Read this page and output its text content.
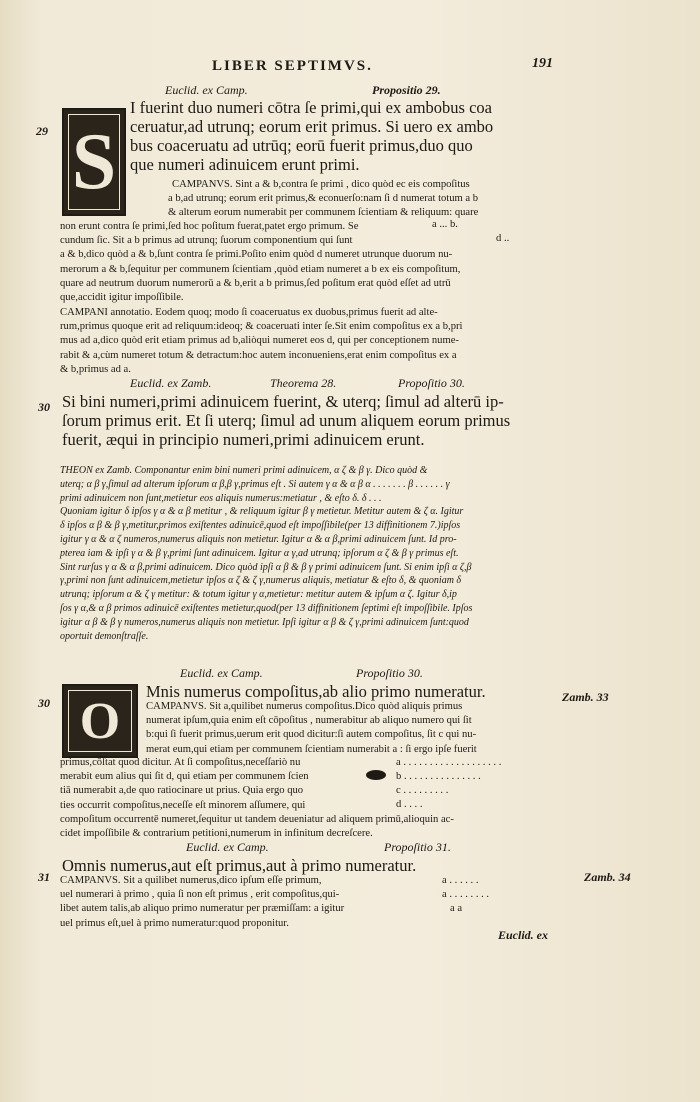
LIBER SEPTIMVS.	191
Euclid. ex Camp.	Propositio 29.
29 S

I fuerint duo numeri cōtra ſe primi,qui ex ambobus coa

ceruatur,ad utrunq; eorum erit primus. Si uero ex ambo

bus coaceruatu ad utrūq; eorū fuerit primus,duo quo

que numeri adinuicem erunt primi.

CAMPANVS. Sint a & b,contra ſe primi , dico quòd ec eis compoſitus

a b,ad utrunq; eorum erit primus,& econuerſo:nam ſi d numerat totum a b

& alterum eorum numerabit per communem ſcientiam & reliquum: quare

non erunt contra ſe primi,ſed hoc poſitum fuerat,patet ergo primum. Se

cundum ſic. Sit a b primus ad utrunq; ſuorum componentium qui ſunt

a & b,dico quòd a & b,ſunt contra ſe primi.Poſito enim quòd d numeret utrunque duorum nu-

merorum a & b,ſequitur per communem ſcientiam ,quòd etiam numeret a b ex eis compoſitum,

quare ad neutrum duorum numerorū a & b,erit a b primus,ſed poſitum erat quòd eſſet ad utrū

que,accidit igitur impoſſibile.

a ... b.
d ..

CAMPANI annotatio. Eodem quoq; modo ſi coaceruatus ex duobus,primus fuerit ad alte-

rum,primus quoque erit ad reliquum:ideoq; & coaceruati inter ſe.Sit enim compoſitus ex a b,pri

mus ad a,dico quòd erit etiam primus ad b,aliòqui numeret eos d, qui per conceptionem nume-

rabit & a,cùm numeret totum & detractum:hoc autem inconueniens,erat enim compoſitus ex a

& b,primus ad a.

Euclid. ex Zamb.	Theorema 28.	Propoſitio 30.
30 Si bini numeri,primi adinuicem fuerint, & uterq; ſimul ad alterū ip-

ſorum primus erit. Et ſi uterq; ſimul ad unum aliquem eorum primus

fuerit, æqui in principio numeri,primi adinuicem erunt.

THEON ex Zamb. Componantur enim bini numeri primi adinuicem, α ζ & β γ. Dico quòd &

uterq; α β γ,ſimul ad alterum ipſorum α β,β γ,primus eſt . Si autem γ α & α β α . . . . . . . β . . . . . . γ

primi adinuicem non ſunt,metietur eos aliquis numerus:metiatur , & eſto δ. δ . . .

Quoniam igitur δ ipſos γ α & α β metitur , & reliquum igitur β γ metietur. Metitur autem & ζ α. Igitur

δ ipſos α β & β γ,metitur,primos exiſtentes adinuicē,quod eſt impoſſibile(per 13 diffinitionem 7.)ipſos

igitur γ α & α ζ numeros,numerus aliquis non metietur. Igitur α & α β,primi adinuicem ſunt. Id pro-

pterea iam & ipſi γ α & β γ,primi ſunt adinuicem. Igitur α γ,ad utrunq; ipſorum α ζ & β γ primus eſt.

Sint rurſus γ α & α β,primi adinuicem. Dico quòd ipſi α β & β γ primi adinuicem ſunt. Si enim ipſi α ζ,β

γ,primi non ſunt adinuicem,metietur ipſos α ζ & ζ γ,numerus aliquis, metiatur & eſto δ, & quoniam δ

utrunq; ipſorum α & ζ γ metitur: & totum igitur γ α,metietur: metitur autem & ipſum α ζ. Igitur δ,ip

ſos γ α,& α β primos adinuicē exiſtentes metietur,quod(per 13 diffinitionem ſeptimi eſt impoſſibile. Ipſos

igitur α β & β γ numeros,numerus aliquis non metietur. Ipſi igitur α β & ζ γ,primi adinuicem ſunt:quod

oportuit demonſtraſſe.

Euclid. ex Camp.	Propoſitio 30.
30	Zamb. 33
O
Mnis numerus compoſitus,ab alio primo numeratur.

CAMPANVS. Sit a,quilibet numerus compoſitus.Dico quòd aliquis primus

numerat ipſum,quia enim eſt cōpoſitus , numerabitur ab aliquo numero qui ſit

b:qui ſi fuerit primus,uerum erit quod dicitur:ſi autem compoſitus, ſit c qui nu-

merat eum,qui etiam per communem ſcientiam numerabit a : ſi ergo ipſe fuerit

primus,cōſtat quod dicitur. At ſi compoſitus,neceſſariò nu

merabit eum alius qui ſit d, qui etiam per communem ſcien

tiā numerabit a,de quo ratiocinare ut prius. Quia ergo quo

ties occurrit compoſitus,neceſſe eſt minorem aſſumere, qui

compoſitum occurrentē numeret,ſequitur ut tandem deueniatur ad aliquem primū,alioquin ac-

cidet impoſſibile & contrarium petitioni,numerum in infinitum decreſcere.

a . . . . . . . . . . . . . . . . . . .
b . . . . . . . . . . . . . . .
c . . . . . . . . .
d . . . .
Euclid. ex Camp.	Propoſitio 31.
31	Zamb. 34
Omnis numerus,aut eſt primus,aut à primo numeratur.

CAMPANVS. Sit a quilibet numerus,dico ipſum eſſe primum,

uel numerari à primo , quia ſi non eſt primus , erit compoſitus,qui-

libet autem talis,ab aliquo primo numeratur per præmiſſam: a igitur

uel primus eſt,uel à primo numeratur:quod proponitur.

a . . . . . .
a . . . . . . . .
a a
Euclid. ex
